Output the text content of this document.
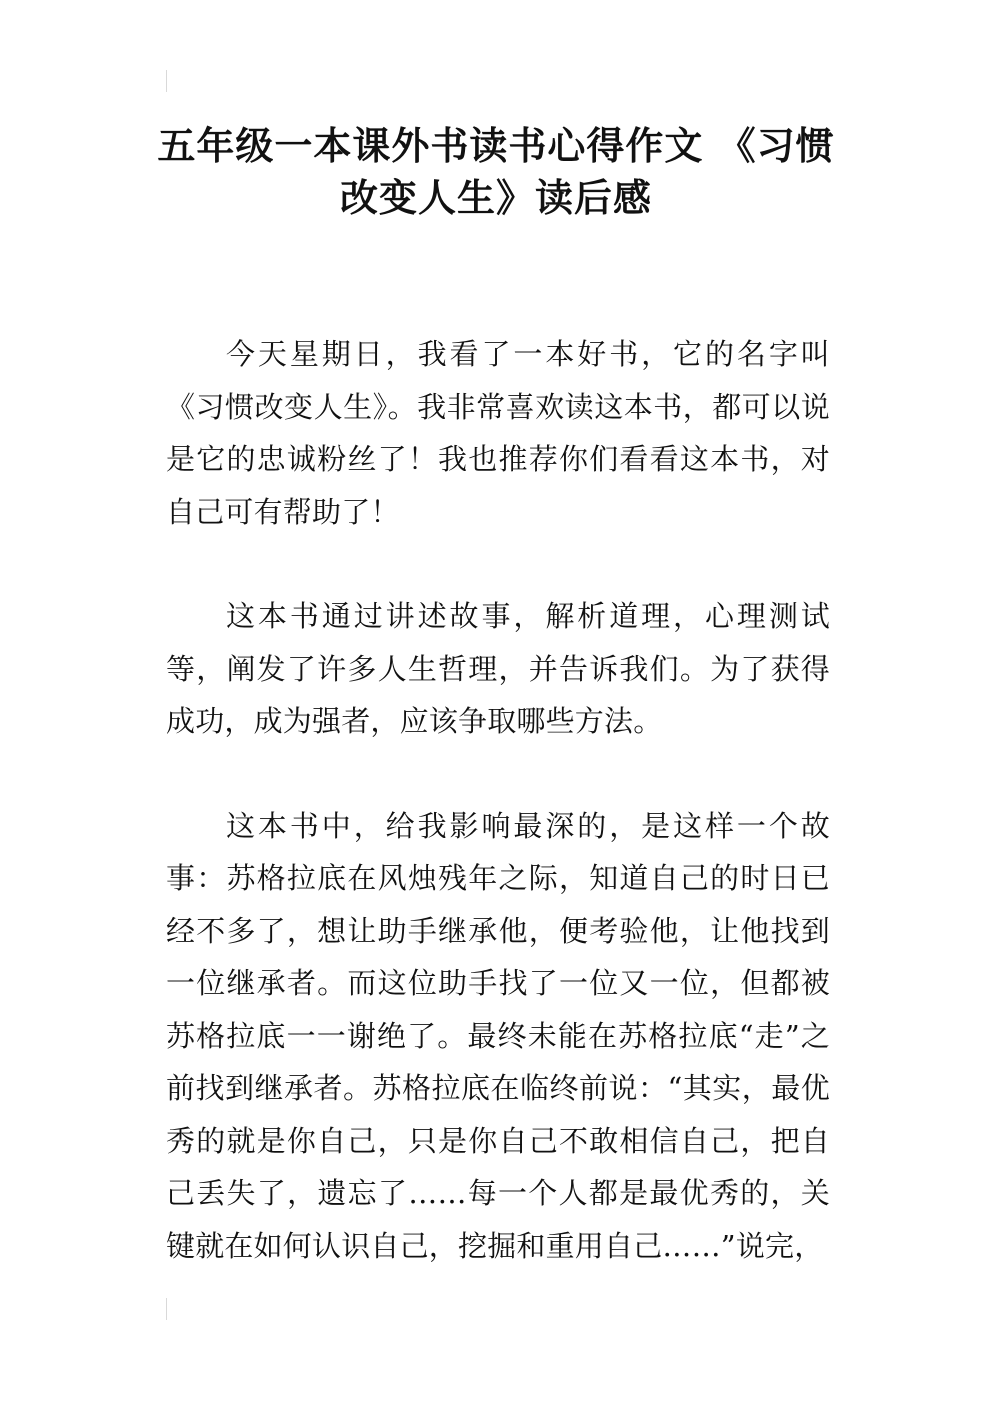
五年级一本课外书读书心得作文 《习惯改变人生》读后感

今天星期日，我看了一本好书，它的名字叫《习惯改变人生》。我非常喜欢读这本书，都可以说是它的忠诚粉丝了！我也推荐你们看看这本书，对自己可有帮助了！

这本书通过讲述故事，解析道理，心理测试等，阐发了许多人生哲理，并告诉我们。为了获得成功，成为强者，应该争取哪些方法。

这本书中，给我影响最深的，是这样一个故事：苏格拉底在风烛残年之际，知道自己的时日已经不多了，想让助手继承他，便考验他，让他找到一位继承者。而这位助手找了一位又一位，但都被苏格拉底一一谢绝了。最终未能在苏格拉底“走”之前找到继承者。苏格拉底在临终前说：“其实，最优秀的就是你自己，只是你自己不敢相信自己，把自己丢失了，遗忘了……每一个人都是最优秀的，关键就在如何认识自己，挖掘和重用自己……”说完，
